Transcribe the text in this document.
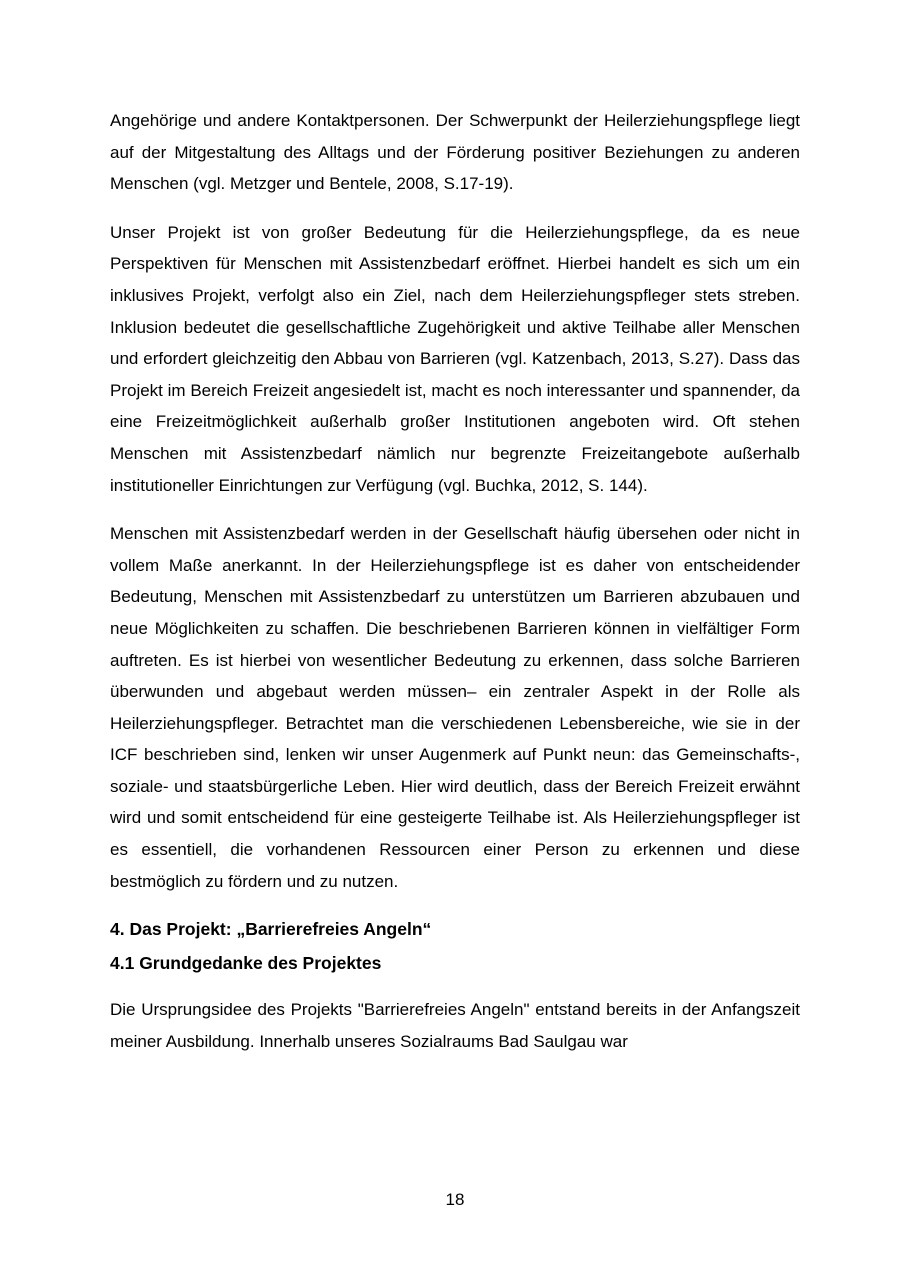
Angehörige und andere Kontaktpersonen. Der Schwerpunkt der Heilerziehungspflege liegt auf der Mitgestaltung des Alltags und der Förderung positiver Beziehungen zu anderen Menschen (vgl. Metzger und Bentele, 2008, S.17-19).

Unser Projekt ist von großer Bedeutung für die Heilerziehungspflege, da es neue Perspektiven für Menschen mit Assistenzbedarf eröffnet. Hierbei handelt es sich um ein inklusives Projekt, verfolgt also ein Ziel, nach dem Heilerziehungspfleger stets streben. Inklusion bedeutet die gesellschaftliche Zugehörigkeit und aktive Teilhabe aller Menschen und erfordert gleichzeitig den Abbau von Barrieren (vgl. Katzenbach, 2013, S.27). Dass das Projekt im Bereich Freizeit angesiedelt ist, macht es noch interessanter und spannender, da eine Freizeitmöglichkeit außerhalb großer Institutionen angeboten wird. Oft stehen Menschen mit Assistenzbedarf nämlich nur begrenzte Freizeitangebote außerhalb institutioneller Einrichtungen zur Verfügung (vgl. Buchka, 2012, S. 144).

Menschen mit Assistenzbedarf werden in der Gesellschaft häufig übersehen oder nicht in vollem Maße anerkannt. In der Heilerziehungspflege ist es daher von entscheidender Bedeutung, Menschen mit Assistenzbedarf zu unterstützen um Barrieren abzubauen und neue Möglichkeiten zu schaffen. Die beschriebenen Barrieren können in vielfältiger Form auftreten. Es ist hierbei von wesentlicher Bedeutung zu erkennen, dass solche Barrieren überwunden und abgebaut werden müssen– ein zentraler Aspekt in der Rolle als Heilerziehungspfleger. Betrachtet man die verschiedenen Lebensbereiche, wie sie in der ICF beschrieben sind, lenken wir unser Augenmerk auf Punkt neun: das Gemeinschafts-, soziale- und staatsbürgerliche Leben. Hier wird deutlich, dass der Bereich Freizeit erwähnt wird und somit entscheidend für eine gesteigerte Teilhabe ist. Als Heilerziehungspfleger ist es essentiell, die vorhandenen Ressourcen einer Person zu erkennen und diese bestmöglich zu fördern und zu nutzen.

4. Das Projekt: „Barrierefreies Angeln“
4.1 Grundgedanke des Projektes

Die Ursprungsidee des Projekts "Barrierefreies Angeln" entstand bereits in der Anfangszeit meiner Ausbildung. Innerhalb unseres Sozialraums Bad Saulgau war

18
